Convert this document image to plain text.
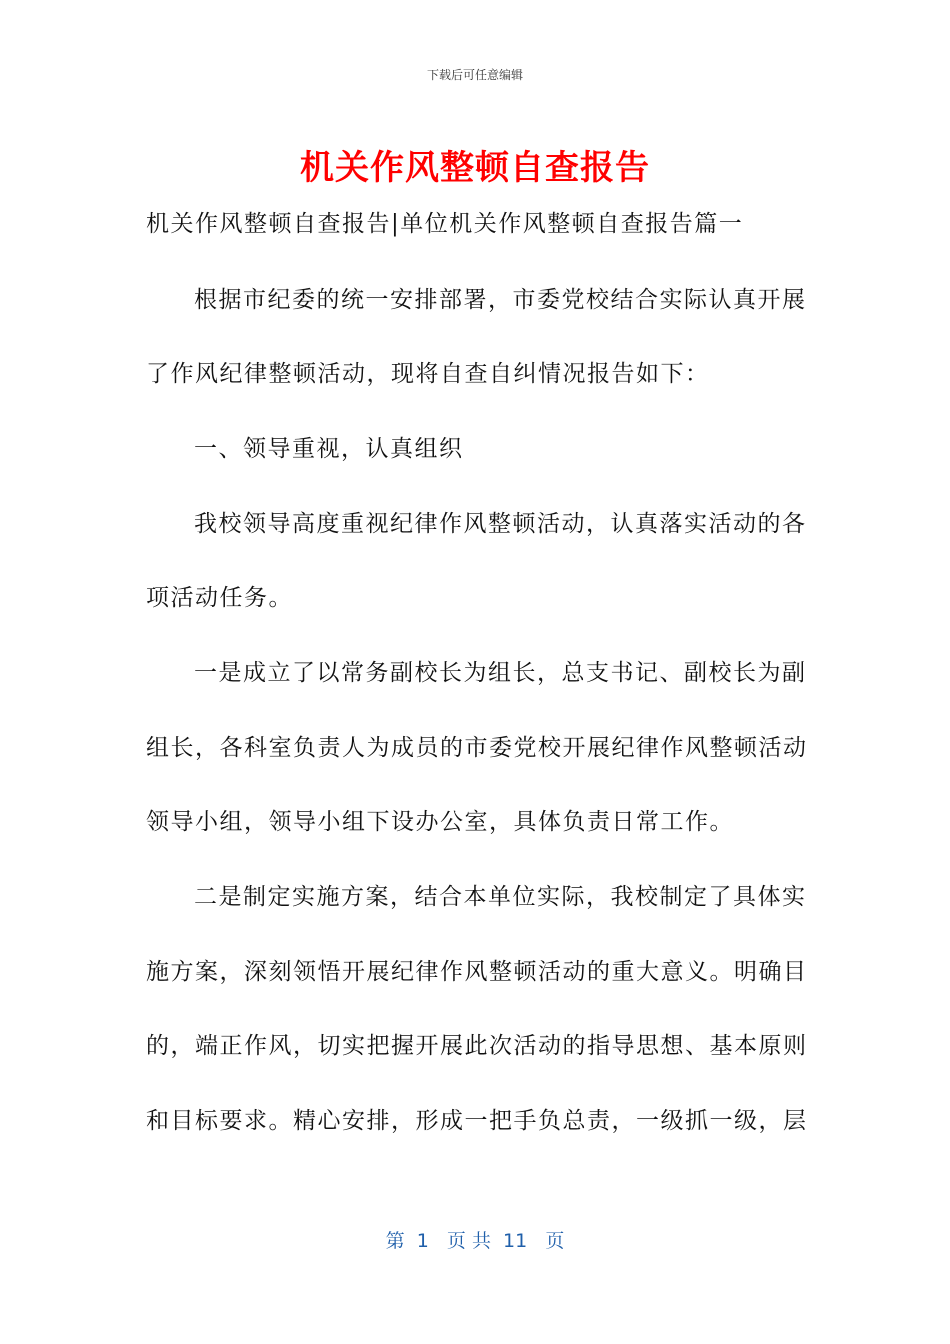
下载后可任意编辑
机关作风整顿自查报告
机关作风整顿自查报告|单位机关作风整顿自查报告篇一
根据市纪委的统一安排部署，市委党校结合实际认真开展
了作风纪律整顿活动，现将自查自纠情况报告如下：
一、领导重视，认真组织
我校领导高度重视纪律作风整顿活动，认真落实活动的各
项活动任务。
一是成立了以常务副校长为组长，总支书记、副校长为副
组长，各科室负责人为成员的市委党校开展纪律作风整顿活动
领导小组，领导小组下设办公室，具体负责日常工作。
二是制定实施方案，结合本单位实际，我校制定了具体实
施方案，深刻领悟开展纪律作风整顿活动的重大意义。明确目
的，端正作风，切实把握开展此次活动的指导思想、基本原则
和目标要求。精心安排，形成一把手负总责，一级抓一级，层
第  1   页 共  11   页
